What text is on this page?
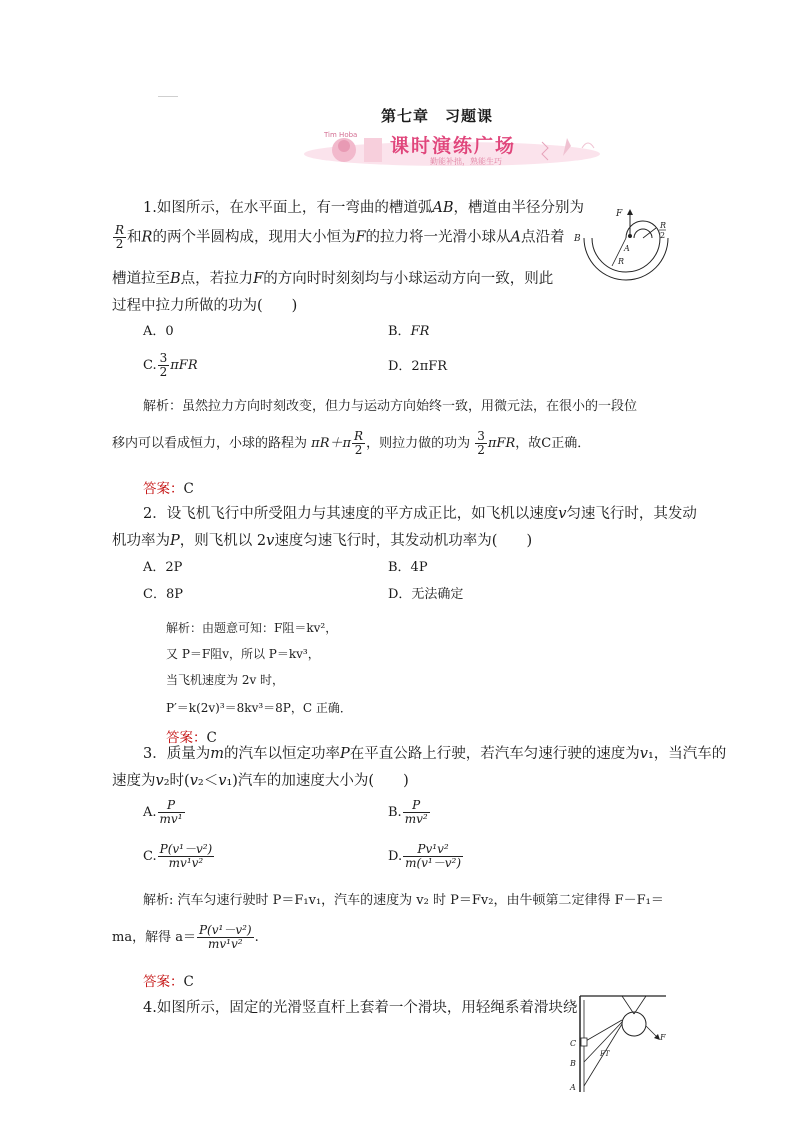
第七章　习题课
Tim Hoba 课时演练广场
勤能补拙，熟能生巧
F
B
A
R
R
2
1.如图所示，在水平面上，有一弯曲的槽道弧AB，槽道由半径分别为
$\frac{R}{2}$ 和R的两个半圆构成，现用大小恒为F的拉力将一光滑小球从A点沿着
槽道拉至B点，若拉力F的方向时时刻刻均与小球运动方向一致，则此
过程中拉力所做的功为(　　)
A．0	B．FR
C. $\frac{3}{2}$ πFR	D．2πFR
解析：虽然拉力方向时刻改变，但力与运动方向始终一致，用微元法，在很小的一段位
移内可以看成恒力，小球的路程为 $\pi R+\pi \frac{R}{2}$ ，则拉力做的功为 $\frac{3}{2}$ πFR，故C正确．
答案：C
2．设飞机飞行中所受阻力与其速度的平方成正比，如飞机以速度v匀速飞行时，其发动
机功率为P，则飞机以 2v速度匀速飞行时，其发动机功率为(　　)
A．2P	B．4P
C．8P	D．无法确定
解析：由题意可知：F阻＝kv²，
又 P＝F阻v，所以 P＝kv³，
当飞机速度为 2v 时，
P′＝k(2v)³＝8kv³＝8P，C 正确．
答案：C
3．质量为m的汽车以恒定功率P在平直公路上行驶，若汽车匀速行驶的速度为v₁，当汽车的
速度为v₂时(v₂＜v₁)汽车的加速度大小为(　　)
A. $\frac{P}{\text{mv¹}}$	B. $\frac{P}{\text{mv²}}$
C. $\frac{\text{P(v¹－v²)}}{\text{mv¹v²}}$	D. $\frac{\text{Pv¹v²}}{\text{m(v¹－v²)}}$
解析: 汽车匀速行驶时 P＝F₁v₁，汽车的速度为 v₂ 时 P＝Fv₂，由牛顿第二定律得 F－F₁＝
ma，解得 $a= \frac{\text{P(v¹－v²)}}{\text{mv¹v²}}$ .
答案：C
4.如图所示，固定的光滑竖直杆上套着一个滑块，用轻绳系着滑块绕
C
B
A
F
FT
